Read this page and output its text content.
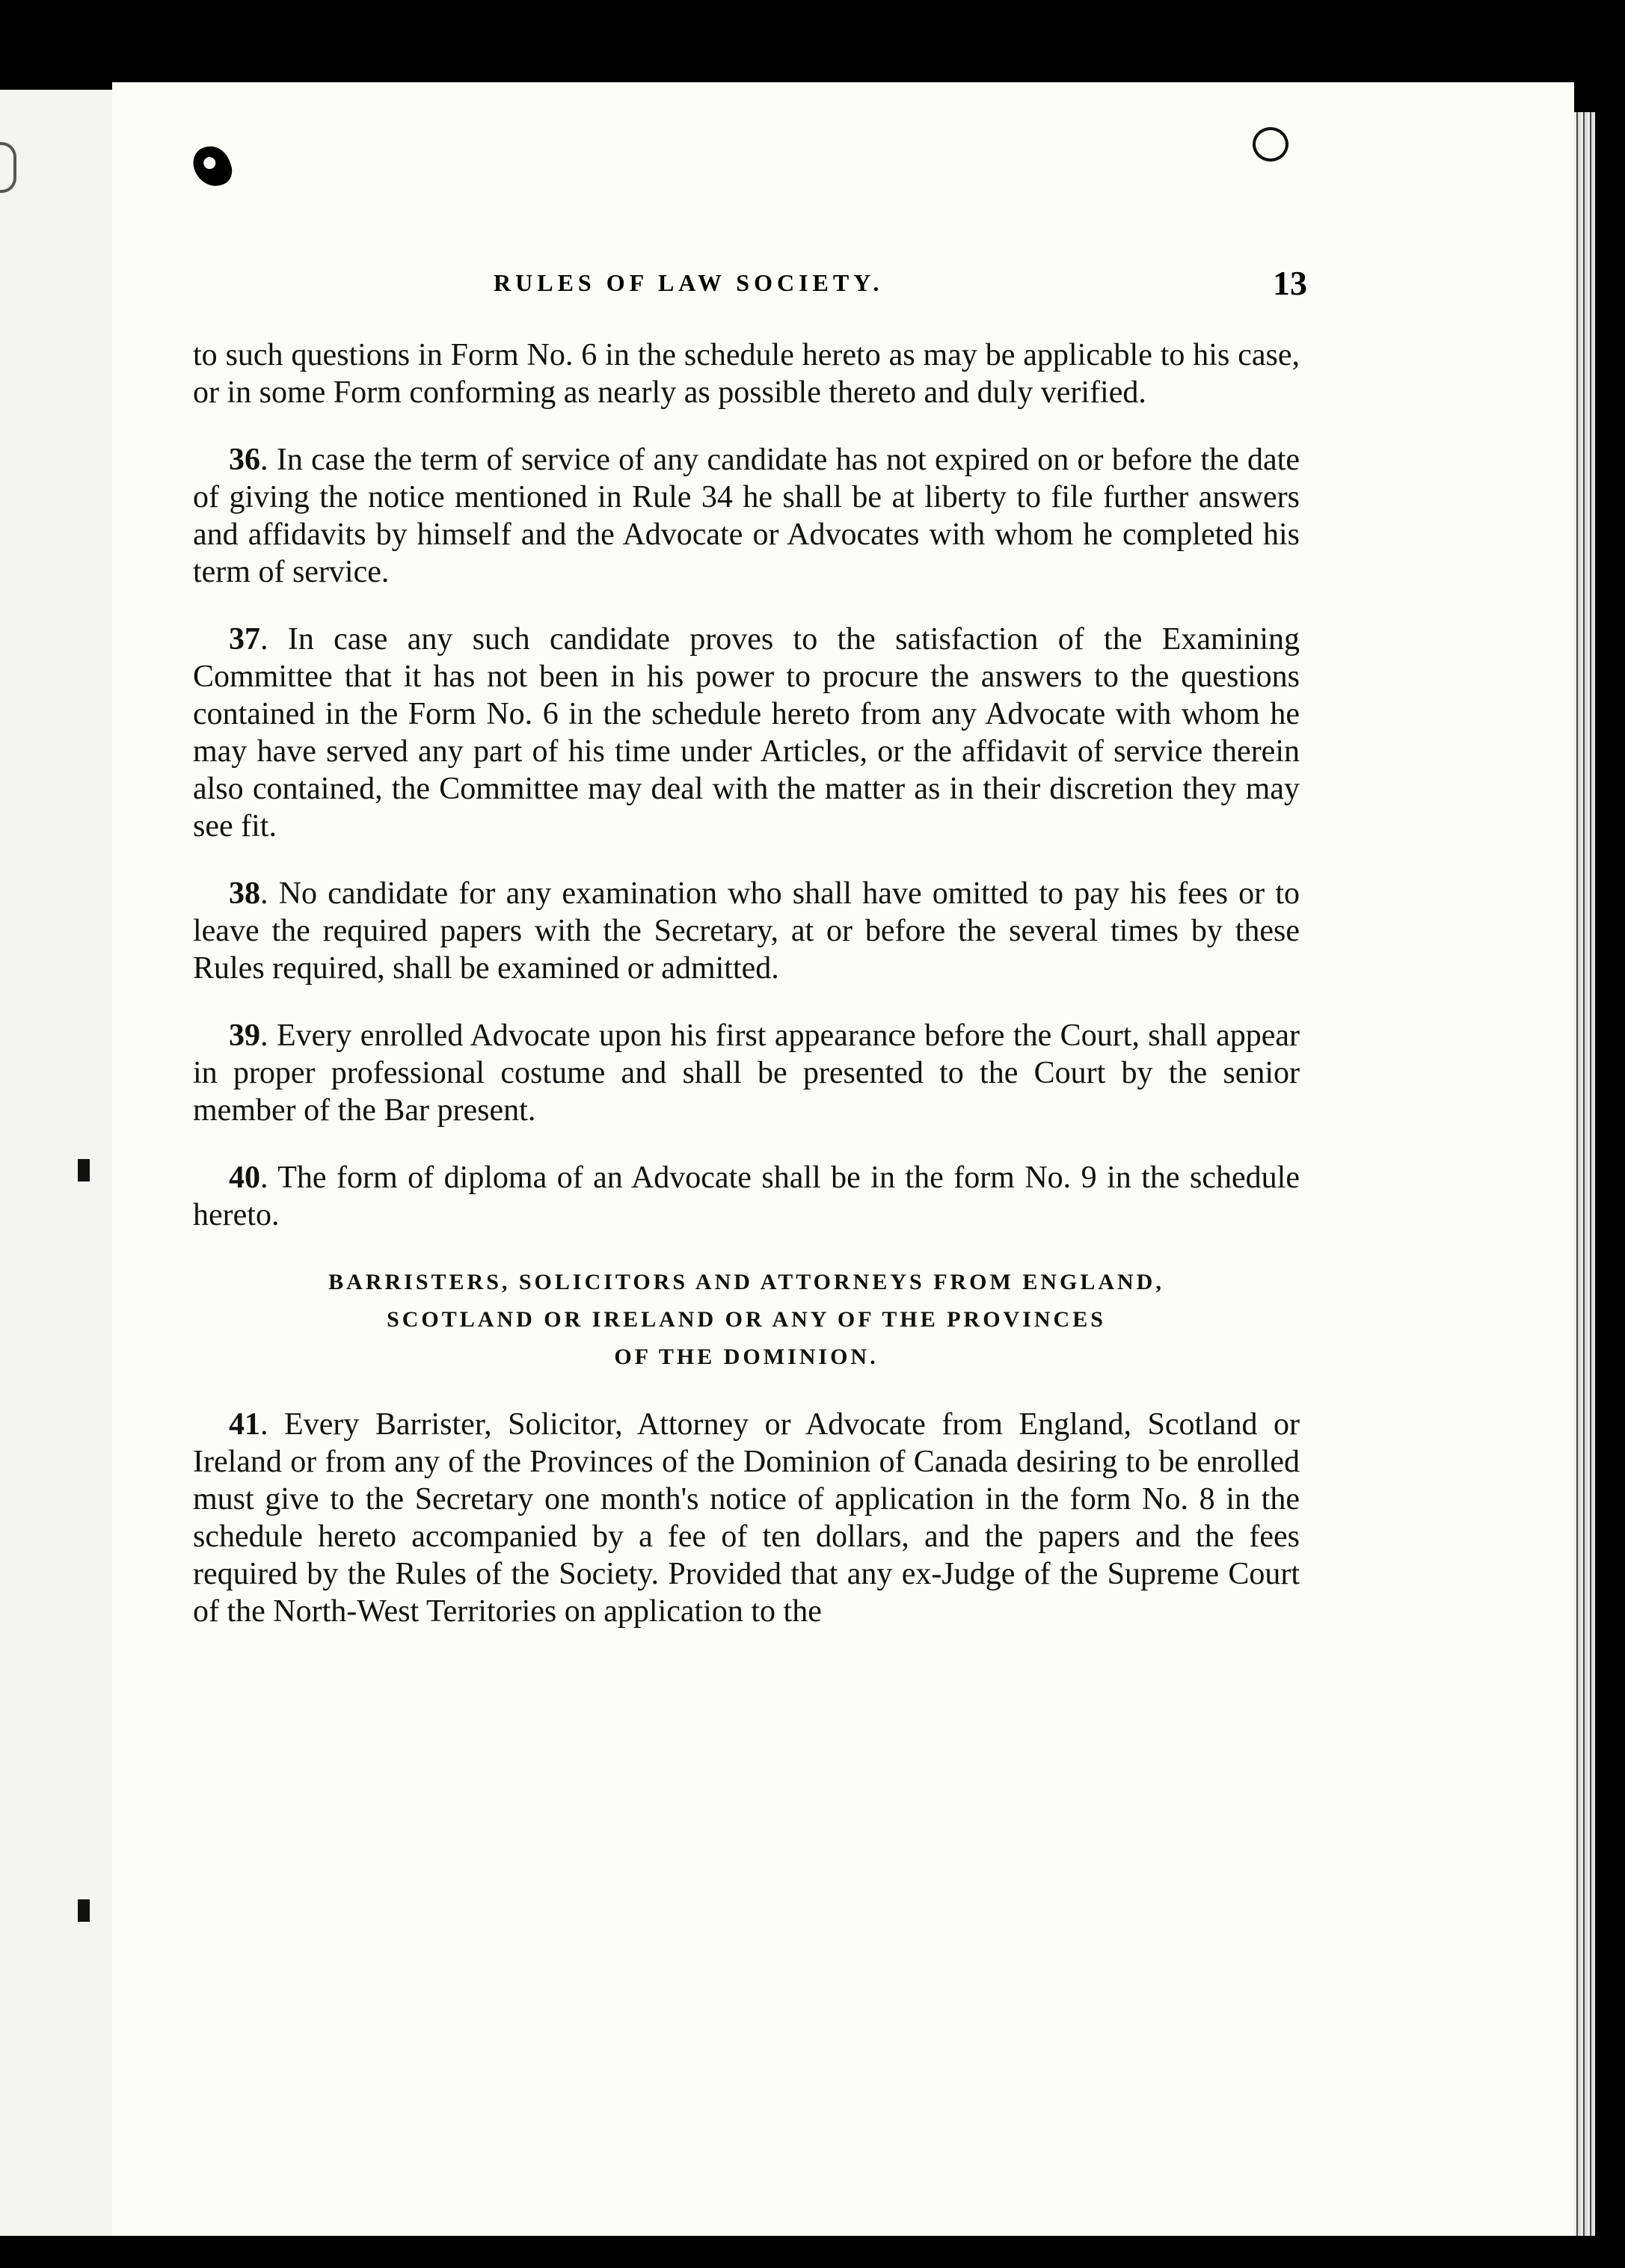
RULES OF LAW SOCIETY.	13

to such questions in Form No. 6 in the schedule hereto as may be applicable to his case, or in some Form conforming as nearly as possible thereto and duly verified.

36. In case the term of service of any candidate has not expired on or before the date of giving the notice mentioned in Rule 34 he shall be at liberty to file further answers and affidavits by himself and the Advocate or Advocates with whom he completed his term of service.

37. In case any such candidate proves to the satisfaction of the Examining Committee that it has not been in his power to procure the answers to the questions contained in the Form No. 6 in the schedule hereto from any Advocate with whom he may have served any part of his time under Articles, or the affidavit of service therein also contained, the Committee may deal with the matter as in their discretion they may see fit.

38. No candidate for any examination who shall have omitted to pay his fees or to leave the required papers with the Secretary, at or before the several times by these Rules required, shall be examined or admitted.

39. Every enrolled Advocate upon his first appearance before the Court, shall appear in proper professional costume and shall be presented to the Court by the senior member of the Bar present.

40. The form of diploma of an Advocate shall be in the form No. 9 in the schedule hereto.

BARRISTERS, SOLICITORS AND ATTORNEYS FROM ENGLAND,
SCOTLAND OR IRELAND OR ANY OF THE PROVINCES
OF THE DOMINION.

41. Every Barrister, Solicitor, Attorney or Advocate from England, Scotland or Ireland or from any of the Provinces of the Dominion of Canada desiring to be enrolled must give to the Secretary one month's notice of application in the form No. 8 in the schedule hereto accompanied by a fee of ten dollars, and the papers and the fees required by the Rules of the Society. Provided that any ex-Judge of the Supreme Court of the North-West Territories on application to the
